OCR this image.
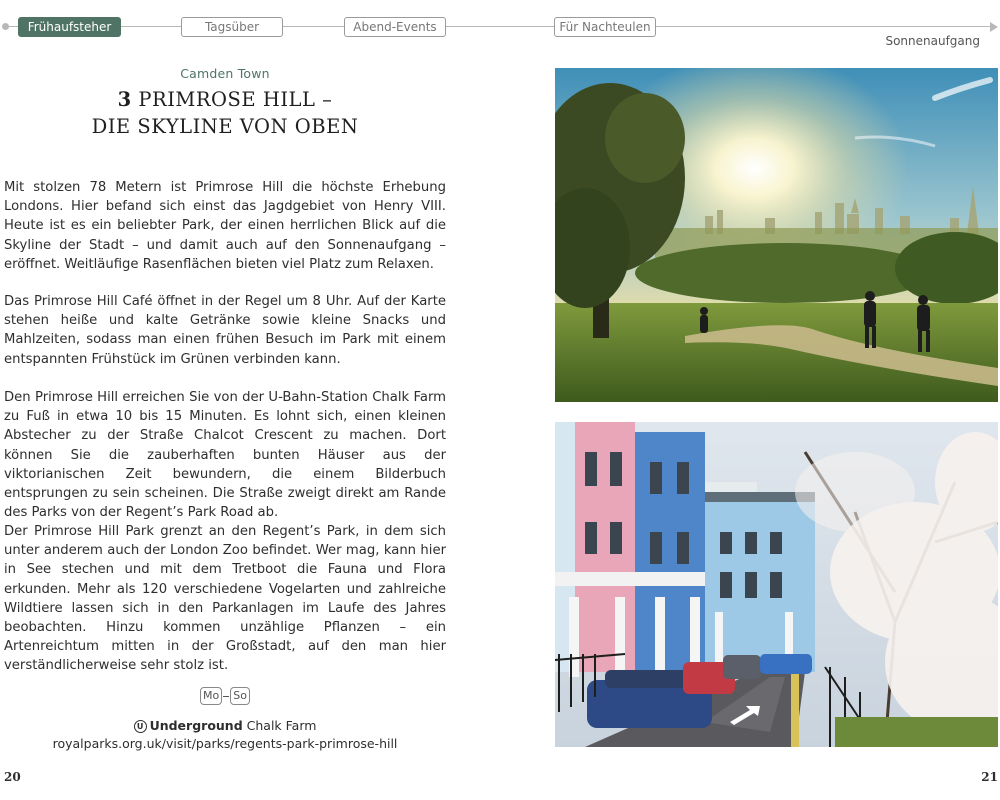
Frühaufsteher	Tagsüber	Abend-Events	Für Nachteulen
Sonnenaufgang
Camden Town
3 PRIMROSE HILL –
DIE SKYLINE VON OBEN

Mit stolzen 78 Metern ist Primrose Hill die höchste Erhebung Londons. Hier befand sich einst das Jagdgebiet von Henry VIII. Heute ist es ein beliebter Park, der einen herrlichen Blick auf die Skyline der Stadt – und damit auch auf den Sonnenaufgang – eröffnet. Weitläufige Rasenflächen bieten viel Platz zum Relaxen.

Das Primrose Hill Café öffnet in der Regel um 8 Uhr. Auf der Karte stehen heiße und kalte Getränke sowie kleine Snacks und Mahlzeiten, sodass man einen frühen Besuch im Park mit einem entspannten Frühstück im Grünen verbinden kann.

Den Primrose Hill erreichen Sie von der U-Bahn-Station Chalk Farm zu Fuß in etwa 10 bis 15 Minuten. Es lohnt sich, einen kleinen Abstecher zu der Straße Chalcot Crescent zu machen. Dort können Sie die zauberhaften bunten Häuser aus der viktorianischen Zeit bewundern, die einem Bilderbuch entsprungen zu sein scheinen. Die Straße zweigt direkt am Rande des Parks von der Regent’s Park Road ab.

Der Primrose Hill Park grenzt an den Regent’s Park, in dem sich unter anderem auch der London Zoo befindet. Wer mag, kann hier in See stechen und mit dem Tretboot die Fauna und Flora erkunden. Mehr als 120 verschiedene Vogelarten und zahlreiche Wildtiere lassen sich in den Parkanlagen im Laufe des Jahres beobachten. Hinzu kommen unzählige Pflanzen – ein Artenreichtum mitten in der Großstadt, auf den man hier verständlicherweise sehr stolz ist.

Mo So
U Underground Chalk Farm
royalparks.org.uk/visit/parks/regents-park-primrose-hill
20	21
